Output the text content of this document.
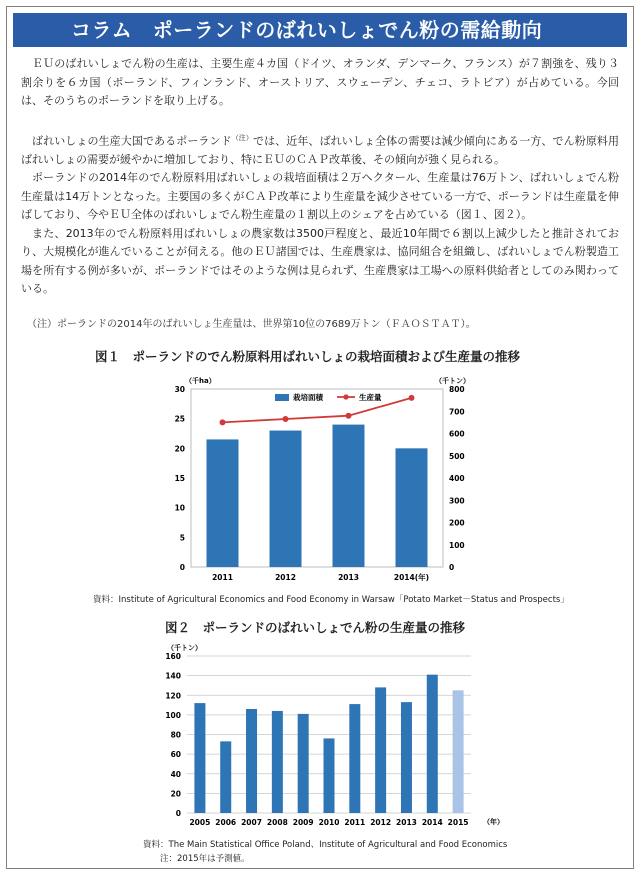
コラム　ポーランドのばれいしょでん粉の需給動向

ＥＵのばれいしょでん粉の生産は、主要生産４カ国（ドイツ、オランダ、デンマーク、フランス）が７割強を、残り３割余りを６カ国（ポーランド、フィンランド、オーストリア、スウェーデン、チェコ、ラトビア）が占めている。今回は、そのうちのポーランドを取り上げる。

ばれいしょの生産大国であるポーランド$^{(注)}$では、近年、ばれいしょ全体の需要は減少傾向にある一方、でん粉原料用ばれいしょの需要が緩やかに増加しており、特にＥＵのＣＡＰ改革後、その傾向が強く見られる。

ポーランドの2014年のでん粉原料用ばれいしょの栽培面積は２万ヘクタール、生産量は76万トン、ばれいしょでん粉生産量は14万トンとなった。主要国の多くがＣＡＰ改革により生産量を減少させている一方で、ポーランドは生産量を伸ばしており、今やＥＵ全体のばれいしょでん粉生産量の１割以上のシェアを占めている（図１、図２）。

また、2013年のでん粉原料用ばれいしょの農家数は3500戸程度と、最近10年間で６割以上減少したと推計されており、大規模化が進んでいることが伺える。他のＥＵ諸国では、生産農家は、協同組合を組織し、ばれいしょでん粉製造工場を所有する例が多いが、ポーランドではそのような例は見られず、生産農家は工場への原料供給者としてのみ関わっている。

（注）ポーランドの2014年のばれいしょ生産量は、世界第10位の7689万トン（ＦＡＯＳＴＡＴ）。
図１　ポーランドのでん粉原料用ばれいしょの栽培面積および生産量の推移
（千ha）	（千トン）
0
5
10
15
20
25
30
0
100
200
300
400
500
600
700
800
2011	2012	2013	2014(年)
栽培面積	生産量
資料：Institute of Agricultural Economics and Food Economy in Warsaw「Potato Market－Status and Prospects」
図２　ポーランドのばれいしょでん粉の生産量の推移
0
20
40
60
80
100
120
140
160
（千トン）
2005 2006 2007 2008 2009 2010 2011 2012 2013 2014 2015 （年）
資料：The Main Statistical Office Poland、Institute of Agricultural and Food Economics
注：2015年は予測値。
